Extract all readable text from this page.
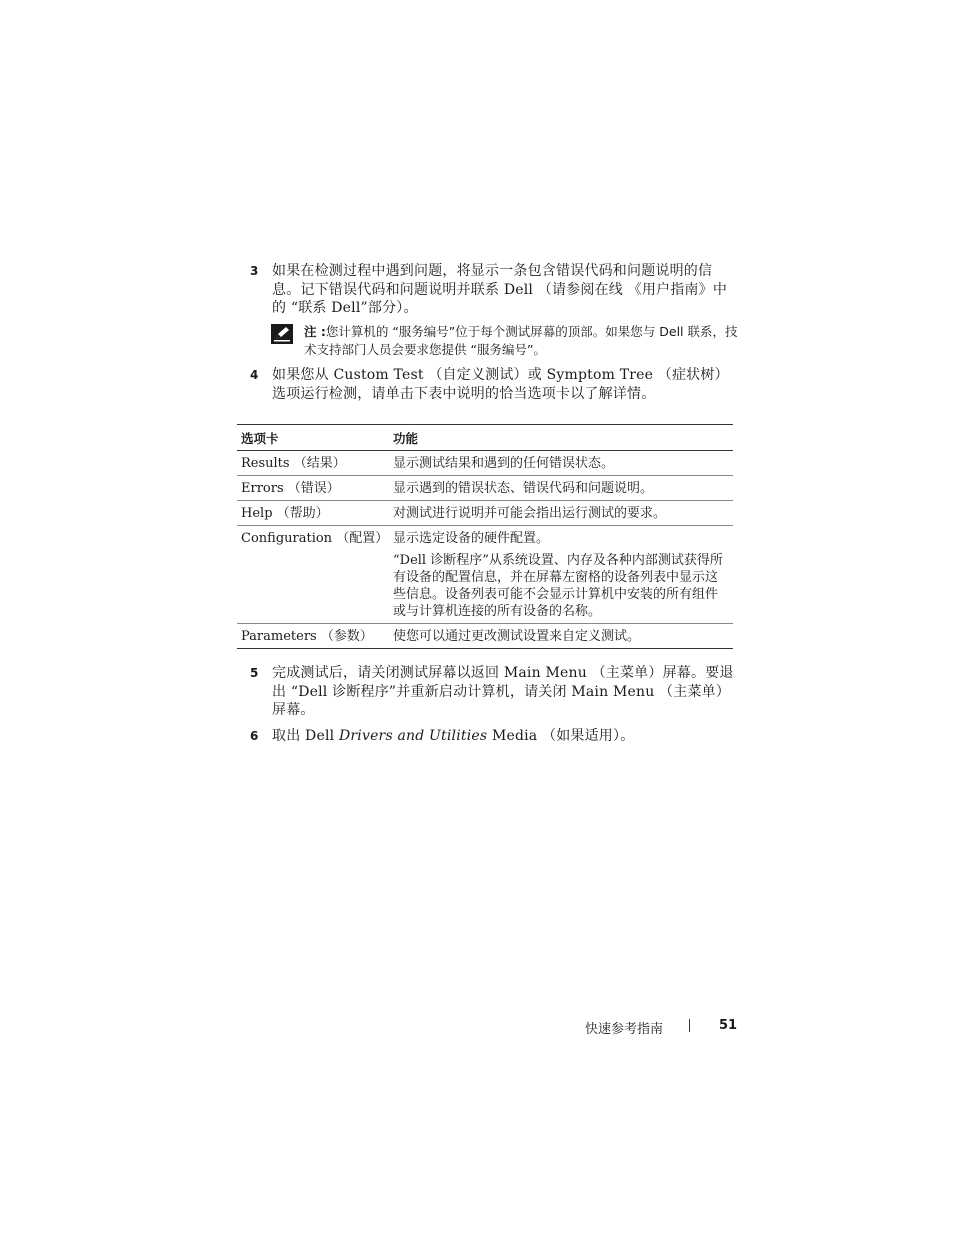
3 如果在检测过程中遇到问题，将显示一条包含错误代码和问题说明的信息。记下错误代码和问题说明并联系 Dell （请参阅在线 《用户指南》中的 “联系 Dell”部分）。
注 :您计算机的 “服务编号”位于每个测试屏幕的顶部。如果您与 Dell 联系，技术支持部门人员会要求您提供 “服务编号”。
4 如果您从 Custom Test （自定义测试）或 Symptom Tree （症状树）选项运行检测，请单击下表中说明的恰当选项卡以了解详情。
选项卡	功能
Results （结果）	显示测试结果和遇到的任何错误状态。
Errors （错误）	显示遇到的错误状态、错误代码和问题说明。
Help （帮助）	对测试进行说明并可能会指出运行测试的要求。
Configuration （配置）	显示选定设备的硬件配置。
“Dell 诊断程序”从系统设置、内存及各种内部测试获得所有设备的配置信息，并在屏幕左窗格的设备列表中显示这些信息。设备列表可能不会显示计算机中安装的所有组件或与计算机连接的所有设备的名称。

Parameters （参数）	使您可以通过更改测试设置来自定义测试。
5 完成测试后，请关闭测试屏幕以返回 Main Menu （主菜单）屏幕。要退出 “Dell 诊断程序”并重新启动计算机，请关闭 Main Menu （主菜单）屏幕。
6 取出 Dell Drivers and Utilities Media （如果适用）。
快速参考指南	51
